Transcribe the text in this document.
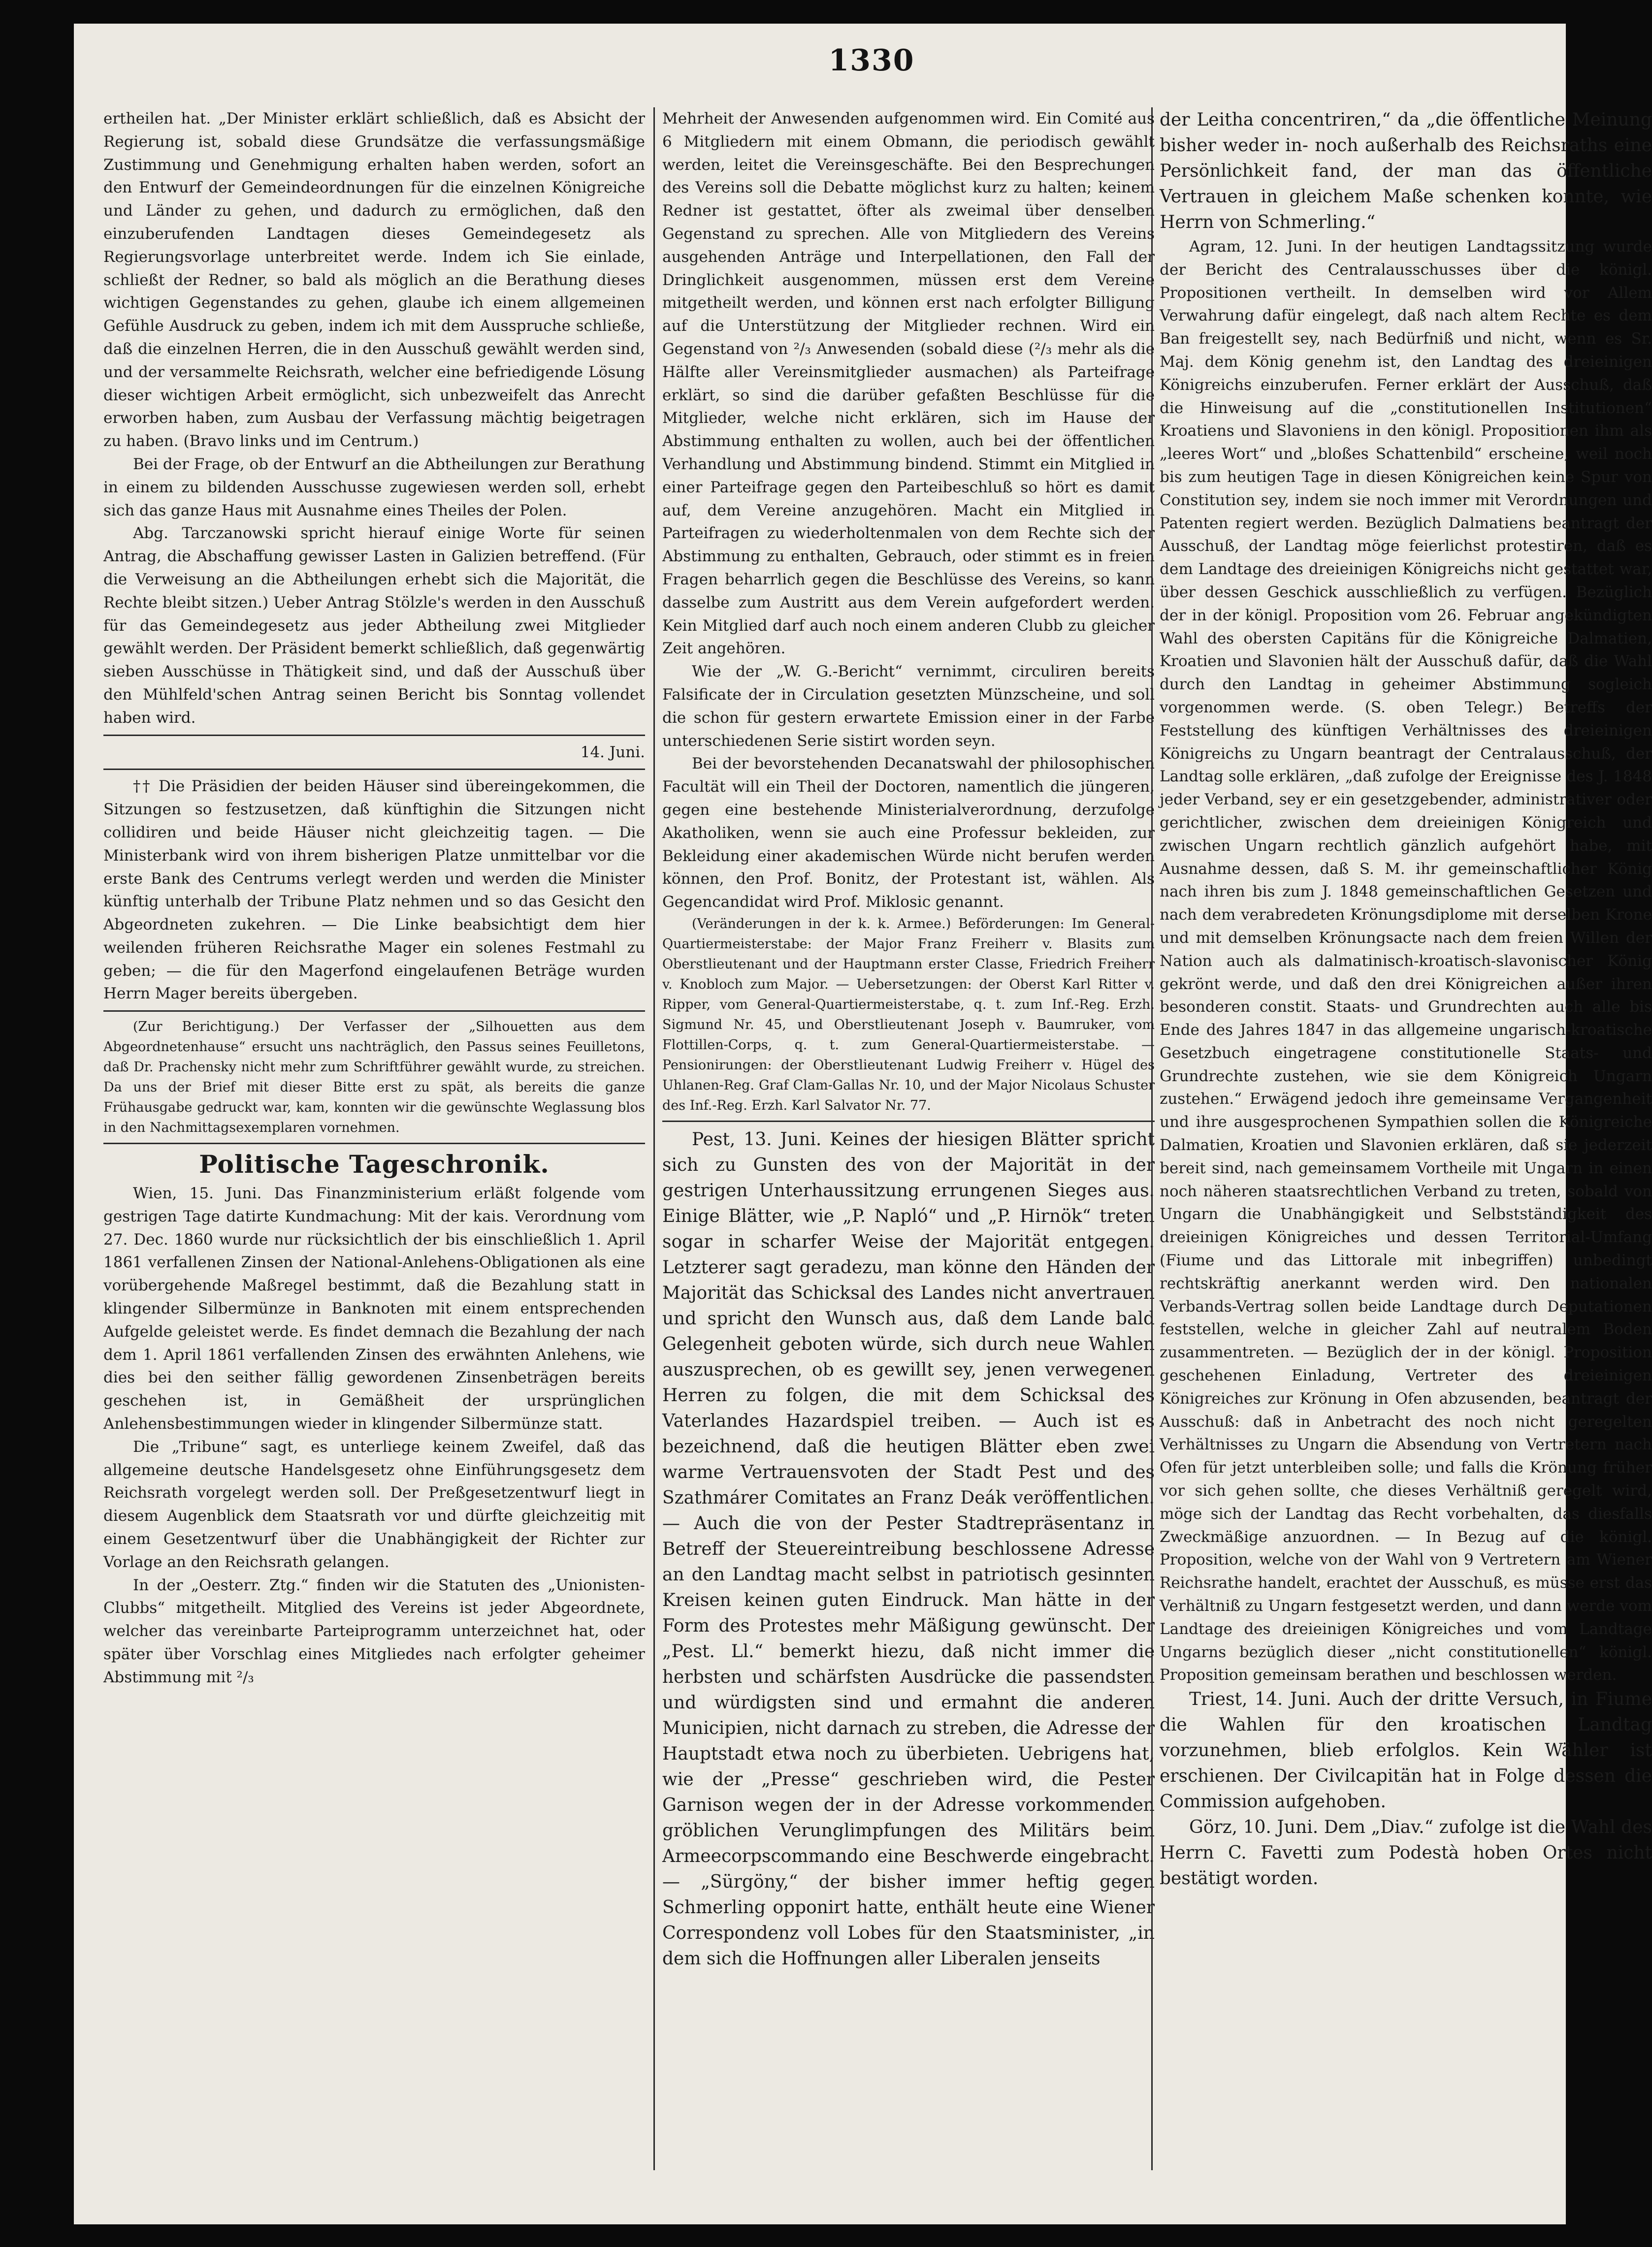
1330

ertheilen hat. „Der Minister erklärt schließlich, daß es Absicht der Regierung ist, sobald diese Grundsätze die verfassungsmäßige Zustimmung und Genehmigung erhalten haben werden, sofort an den Entwurf der Gemeindeordnungen für die einzelnen Königreiche und Länder zu gehen, und dadurch zu ermöglichen, daß den einzuberufenden Landtagen dieses Gemeindegesetz als Regierungsvorlage unterbreitet werde. Indem ich Sie einlade, schließt der Redner, so bald als möglich an die Berathung dieses wichtigen Gegenstandes zu gehen, glaube ich einem allgemeinen Gefühle Ausdruck zu geben, indem ich mit dem Ausspruche schließe, daß die einzelnen Herren, die in den Ausschuß gewählt werden sind, und der versammelte Reichsrath, welcher eine befriedigende Lösung dieser wichtigen Arbeit ermöglicht, sich unbezweifelt das Anrecht erworben haben, zum Ausbau der Verfassung mächtig beigetragen zu haben. (Bravo links und im Centrum.)

Bei der Frage, ob der Entwurf an die Abtheilungen zur Berathung in einem zu bildenden Ausschusse zugewiesen werden soll, erhebt sich das ganze Haus mit Ausnahme eines Theiles der Polen.

Abg. Tarczanowski spricht hierauf einige Worte für seinen Antrag, die Abschaffung gewisser Lasten in Galizien betreffend. (Für die Verweisung an die Abtheilungen erhebt sich die Majorität, die Rechte bleibt sitzen.) Ueber Antrag Stölzle's werden in den Ausschuß für das Gemeindegesetz aus jeder Abtheilung zwei Mitglieder gewählt werden. Der Präsident bemerkt schließlich, daß gegenwärtig sieben Ausschüsse in Thätigkeit sind, und daß der Ausschuß über den Mühlfeld'schen Antrag seinen Bericht bis Sonntag vollendet haben wird.

14. Juni.

†† Die Präsidien der beiden Häuser sind übereingekommen, die Sitzungen so festzusetzen, daß künftighin die Sitzungen nicht collidiren und beide Häuser nicht gleichzeitig tagen. — Die Ministerbank wird von ihrem bisherigen Platze unmittelbar vor die erste Bank des Centrums verlegt werden und werden die Minister künftig unterhalb der Tribune Platz nehmen und so das Gesicht den Abgeordneten zukehren. — Die Linke beabsichtigt dem hier weilenden früheren Reichsrathe Mager ein solenes Festmahl zu geben; — die für den Magerfond eingelaufenen Beträge wurden Herrn Mager bereits übergeben.

(Zur Berichtigung.) Der Verfasser der „Silhouetten aus dem Abgeordnetenhause“ ersucht uns nachträglich, den Passus seines Feuilletons, daß Dr. Prachensky nicht mehr zum Schriftführer gewählt wurde, zu streichen. Da uns der Brief mit dieser Bitte erst zu spät, als bereits die ganze Frühausgabe gedruckt war, kam, konnten wir die gewünschte Weglassung blos in den Nachmittagsexemplaren vornehmen.

Politische Tageschronik.

Wien, 15. Juni. Das Finanzministerium erläßt folgende vom gestrigen Tage datirte Kundmachung: Mit der kais. Verordnung vom 27. Dec. 1860 wurde nur rücksichtlich der bis einschließlich 1. April 1861 verfallenen Zinsen der National-Anlehens-Obligationen als eine vorübergehende Maßregel bestimmt, daß die Bezahlung statt in klingender Silbermünze in Banknoten mit einem entsprechenden Aufgelde geleistet werde. Es findet demnach die Bezahlung der nach dem 1. April 1861 verfallenden Zinsen des erwähnten Anlehens, wie dies bei den seither fällig gewordenen Zinsenbeträgen bereits geschehen ist, in Gemäßheit der ursprünglichen Anlehensbestimmungen wieder in klingender Silbermünze statt.

Die „Tribune“ sagt, es unterliege keinem Zweifel, daß das allgemeine deutsche Handelsgesetz ohne Einführungsgesetz dem Reichsrath vorgelegt werden soll. Der Preßgesetzentwurf liegt in diesem Augenblick dem Staatsrath vor und dürfte gleichzeitig mit einem Gesetzentwurf über die Unabhängigkeit der Richter zur Vorlage an den Reichsrath gelangen.

In der „Oesterr. Ztg.“ finden wir die Statuten des „Unionisten-Clubbs“ mitgetheilt. Mitglied des Vereins ist jeder Abgeordnete, welcher das vereinbarte Parteiprogramm unterzeichnet hat, oder später über Vorschlag eines Mitgliedes nach erfolgter geheimer Abstimmung mit ²/₃

Mehrheit der Anwesenden aufgenommen wird. Ein Comité aus 6 Mitgliedern mit einem Obmann, die periodisch gewählt werden, leitet die Vereinsgeschäfte. Bei den Besprechungen des Vereins soll die Debatte möglichst kurz zu halten; keinem Redner ist gestattet, öfter als zweimal über denselben Gegenstand zu sprechen. Alle von Mitgliedern des Vereins ausgehenden Anträge und Interpellationen, den Fall der Dringlichkeit ausgenommen, müssen erst dem Vereine mitgetheilt werden, und können erst nach erfolgter Billigung auf die Unterstützung der Mitglieder rechnen. Wird ein Gegenstand von ²/₃ Anwesenden (sobald diese (²/₃ mehr als die Hälfte aller Vereinsmitglieder ausmachen) als Parteifrage erklärt, so sind die darüber gefaßten Beschlüsse für die Mitglieder, welche nicht erklären, sich im Hause der Abstimmung enthalten zu wollen, auch bei der öffentlichen Verhandlung und Abstimmung bindend. Stimmt ein Mitglied in einer Parteifrage gegen den Parteibeschluß so hört es damit auf, dem Vereine anzugehören. Macht ein Mitglied in Parteifragen zu wiederholtenmalen von dem Rechte sich der Abstimmung zu enthalten, Gebrauch, oder stimmt es in freien Fragen beharrlich gegen die Beschlüsse des Vereins, so kann dasselbe zum Austritt aus dem Verein aufgefordert werden. Kein Mitglied darf auch noch einem anderen Clubb zu gleicher Zeit angehören.

Wie der „W. G.-Bericht“ vernimmt, circuliren bereits Falsificate der in Circulation gesetzten Münzscheine, und soll die schon für gestern erwartete Emission einer in der Farbe unterschiedenen Serie sistirt worden seyn.

Bei der bevorstehenden Decanatswahl der philosophischen Facultät will ein Theil der Doctoren, namentlich die jüngeren, gegen eine bestehende Ministerialverordnung, derzufolge Akatholiken, wenn sie auch eine Professur bekleiden, zur Bekleidung einer akademischen Würde nicht berufen werden können, den Prof. Bonitz, der Protestant ist, wählen. Als Gegencandidat wird Prof. Miklosic genannt.

(Veränderungen in der k. k. Armee.) Beförderungen: Im General-Quartiermeisterstabe: der Major Franz Freiherr v. Blasits zum Oberstlieutenant und der Hauptmann erster Classe, Friedrich Freiherr v. Knobloch zum Major. — Uebersetzungen: der Oberst Karl Ritter v. Ripper, vom General-Quartiermeisterstabe, q. t. zum Inf.-Reg. Erzh. Sigmund Nr. 45, und Oberstlieutenant Joseph v. Baumruker, vom Flottillen-Corps, q. t. zum General-Quartiermeisterstabe. — Pensionirungen: der Oberstlieutenant Ludwig Freiherr v. Hügel des Uhlanen-Reg. Graf Clam-Gallas Nr. 10, und der Major Nicolaus Schuster des Inf.-Reg. Erzh. Karl Salvator Nr. 77.

Pest, 13. Juni. Keines der hiesigen Blätter spricht sich zu Gunsten des von der Majorität in der gestrigen Unterhaussitzung errungenen Sieges aus. Einige Blätter, wie „P. Napló“ und „P. Hirnök“ treten sogar in scharfer Weise der Majorität entgegen. Letzterer sagt geradezu, man könne den Händen der Majorität das Schicksal des Landes nicht anvertrauen und spricht den Wunsch aus, daß dem Lande bald Gelegenheit geboten würde, sich durch neue Wahlen auszusprechen, ob es gewillt sey, jenen verwegenen Herren zu folgen, die mit dem Schicksal des Vaterlandes Hazardspiel treiben. — Auch ist es bezeichnend, daß die heutigen Blätter eben zwei warme Vertrauensvoten der Stadt Pest und des Szathmárer Comitates an Franz Deák veröffentlichen. — Auch die von der Pester Stadtrepräsentanz in Betreff der Steuereintreibung beschlossene Adresse an den Landtag macht selbst in patriotisch gesinnten Kreisen keinen guten Eindruck. Man hätte in der Form des Protestes mehr Mäßigung gewünscht. Der „Pest. Ll.“ bemerkt hiezu, daß nicht immer die herbsten und schärfsten Ausdrücke die passendsten und würdigsten sind und ermahnt die anderen Municipien, nicht darnach zu streben, die Adresse der Hauptstadt etwa noch zu überbieten. Uebrigens hat, wie der „Presse“ geschrieben wird, die Pester Garnison wegen der in der Adresse vorkommenden gröblichen Verunglimpfungen des Militärs beim Armeecorpscommando eine Beschwerde eingebracht. — „Sürgöny,“ der bisher immer heftig gegen Schmerling opponirt hatte, enthält heute eine Wiener Correspondenz voll Lobes für den Staatsminister, „in dem sich die Hoffnungen aller Liberalen jenseits

der Leitha concentriren,“ da „die öffentliche Meinung bisher weder in- noch außerhalb des Reichsraths eine Persönlichkeit fand, der man das öffentliche Vertrauen in gleichem Maße schenken konnte, wie Herrn von Schmerling.“

Agram, 12. Juni. In der heutigen Landtagssitzung wurde der Bericht des Centralausschusses über die königl. Propositionen vertheilt. In demselben wird vor Allem Verwahrung dafür eingelegt, daß nach altem Rechte es dem Ban freigestellt sey, nach Bedürfniß und nicht, wenn es Sr. Maj. dem König genehm ist, den Landtag des dreieinigen Königreichs einzuberufen. Ferner erklärt der Ausschuß, daß die Hinweisung auf die „constitutionellen Institutionen“ Kroatiens und Slavoniens in den königl. Propositionen ihm als „leeres Wort“ und „bloßes Schattenbild“ erscheine, weil noch bis zum heutigen Tage in diesen Königreichen keine Spur von Constitution sey, indem sie noch immer mit Verordnungen und Patenten regiert werden. Bezüglich Dalmatiens beantragt der Ausschuß, der Landtag möge feierlichst protestiren, daß es dem Landtage des dreieinigen Königreichs nicht gestattet war, über dessen Geschick ausschließlich zu verfügen. Bezüglich der in der königl. Proposition vom 26. Februar angekündigten Wahl des obersten Capitäns für die Königreiche Dalmatien, Kroatien und Slavonien hält der Ausschuß dafür, daß die Wahl durch den Landtag in geheimer Abstimmung sogleich vorgenommen werde. (S. oben Telegr.) Betreffs der Feststellung des künftigen Verhältnisses des dreieinigen Königreichs zu Ungarn beantragt der Centralausschuß, der Landtag solle erklären, „daß zufolge der Ereignisse des J. 1848 jeder Verband, sey er ein gesetzgebender, administrativer oder gerichtlicher, zwischen dem dreieinigen Königreich und zwischen Ungarn rechtlich gänzlich aufgehört habe, mit Ausnahme dessen, daß S. M. ihr gemeinschaftlicher König nach ihren bis zum J. 1848 gemeinschaftlichen Gesetzen und nach dem verabredeten Krönungsdiplome mit derselben Krone und mit demselben Krönungsacte nach dem freien Willen der Nation auch als dalmatinisch-kroatisch-slavonischer König gekrönt werde, und daß den drei Königreichen außer ihren besonderen constit. Staats- und Grundrechten auch alle bis Ende des Jahres 1847 in das allgemeine ungarisch-kroatische Gesetzbuch eingetragene constitutionelle Staats- und Grundrechte zustehen, wie sie dem Königreich Ungarn zustehen.“ Erwägend jedoch ihre gemeinsame Vergangenheit und ihre ausgesprochenen Sympathien sollen die Königreiche Dalmatien, Kroatien und Slavonien erklären, daß sie jederzeit bereit sind, nach gemeinsamem Vortheile mit Ungarn in einen noch näheren staatsrechtlichen Verband zu treten, sobald von Ungarn die Unabhängigkeit und Selbstständigkeit des dreieinigen Königreiches und dessen Territorial-Umfang (Fiume und das Littorale mit inbegriffen) unbedingt rechtskräftig anerkannt werden wird. Den nationalen Verbands-Vertrag sollen beide Landtage durch Deputationen feststellen, welche in gleicher Zahl auf neutralem Boden zusammentreten. — Bezüglich der in der königl. Proposition geschehenen Einladung, Vertreter des dreieinigen Königreiches zur Krönung in Ofen abzusenden, beantragt der Ausschuß: daß in Anbetracht des noch nicht geregelten Verhältnisses zu Ungarn die Absendung von Vertretern nach Ofen für jetzt unterbleiben solle; und falls die Krönung früher vor sich gehen sollte, che dieses Verhältniß geregelt wird, möge sich der Landtag das Recht vorbehalten, das diesfalls Zweckmäßige anzuordnen. — In Bezug auf die königl. Proposition, welche von der Wahl von 9 Vertretern am Wiener Reichsrathe handelt, erachtet der Ausschuß, es müsse erst das Verhältniß zu Ungarn festgesetzt werden, und dann werde vom Landtage des dreieinigen Königreiches und vom Landtage Ungarns bezüglich dieser „nicht constitutionellen“ königl. Proposition gemeinsam berathen und beschlossen werden.

Triest, 14. Juni. Auch der dritte Versuch, in Fiume die Wahlen für den kroatischen Landtag vorzunehmen, blieb erfolglos. Kein Wähler ist erschienen. Der Civilcapitän hat in Folge dessen die Commission aufgehoben.

Görz, 10. Juni. Dem „Diav.“ zufolge ist die Wahl des Herrn C. Favetti zum Podestà hoben Ortes nicht bestätigt worden.
